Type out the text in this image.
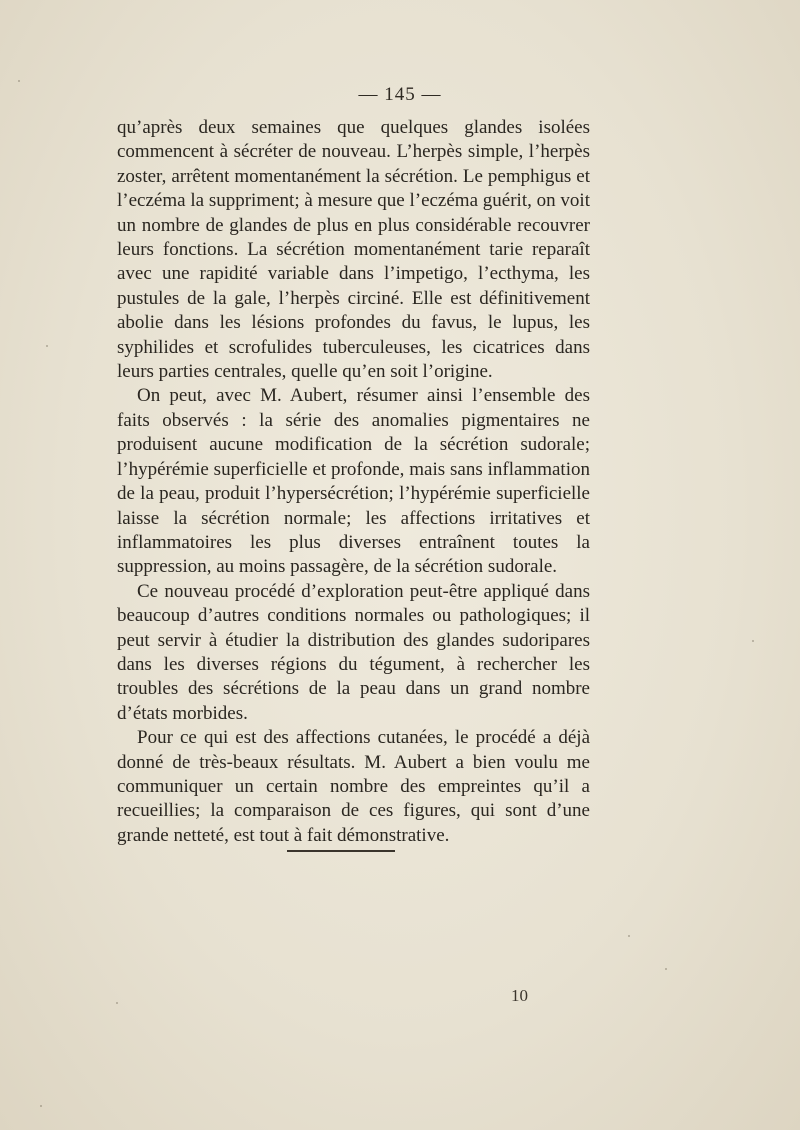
— 145 —

qu’après deux semaines que quelques glandes isolées commencent à sécréter de nouveau. L’herpès simple, l’herpès zoster, arrêtent momentanément la sécrétion. Le pemphigus et l’eczéma la suppriment; à mesure que l’eczéma guérit, on voit un nombre de glandes de plus en plus considérable recouvrer leurs fonctions. La sécrétion momentanément tarie reparaît avec une rapidité variable dans l’impetigo, l’ecthyma, les pustules de la gale, l’herpès circiné. Elle est définitivement abolie dans les lésions profondes du favus, le lupus, les syphilides et scrofulides tuberculeuses, les cicatrices dans leurs parties centrales, quelle qu’en soit l’origine.

On peut, avec M. Aubert, résumer ainsi l’ensemble des faits observés : la série des anomalies pigmentaires ne produisent aucune modification de la sécrétion sudorale; l’hypérémie superficielle et profonde, mais sans inflammation de la peau, produit l’hypersécrétion; l’hypérémie superficielle laisse la sécrétion normale; les affections irritatives et inflammatoires les plus diverses entraînent toutes la suppression, au moins passagère, de la sécrétion sudorale.

Ce nouveau procédé d’exploration peut-être appliqué dans beaucoup d’autres conditions normales ou pathologiques; il peut servir à étudier la distribution des glandes sudoripares dans les diverses régions du tégument, à rechercher les troubles des sécrétions de la peau dans un grand nombre d’états morbides.

Pour ce qui est des affections cutanées, le procédé a déjà donné de très-beaux résultats. M. Aubert a bien voulu me communiquer un certain nombre des empreintes qu’il a recueillies; la comparaison de ces figures, qui sont d’une grande netteté, est tout à fait démonstrative.

10
